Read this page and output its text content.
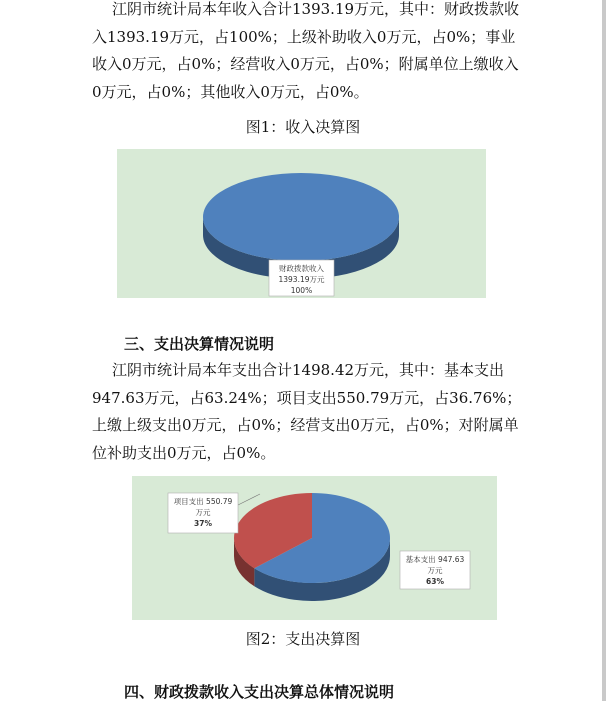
江阴市统计局本年收入合计1393.19万元，其中：财政拨款收入1393.19万元，占100%；上级补助收入0万元，占0%；事业收入0万元，占0%；经营收入0万元，占0%；附属单位上缴收入0万元，占0%；其他收入0万元，占0%。
图1：收入决算图
财政拨款收入
1393.19万元
100%
三、支出决算情况说明
江阴市统计局本年支出合计1498.42万元，其中：基本支出947.63万元，占63.24%；项目支出550.79万元，占36.76%；上缴上级支出0万元，占0%；经营支出0万元，占0%；对附属单位补助支出0万元，占0%。
项目支出 550.79
万元
37%
基本支出 947.63
万元
63%
图2：支出决算图
四、财政拨款收入支出决算总体情况说明
